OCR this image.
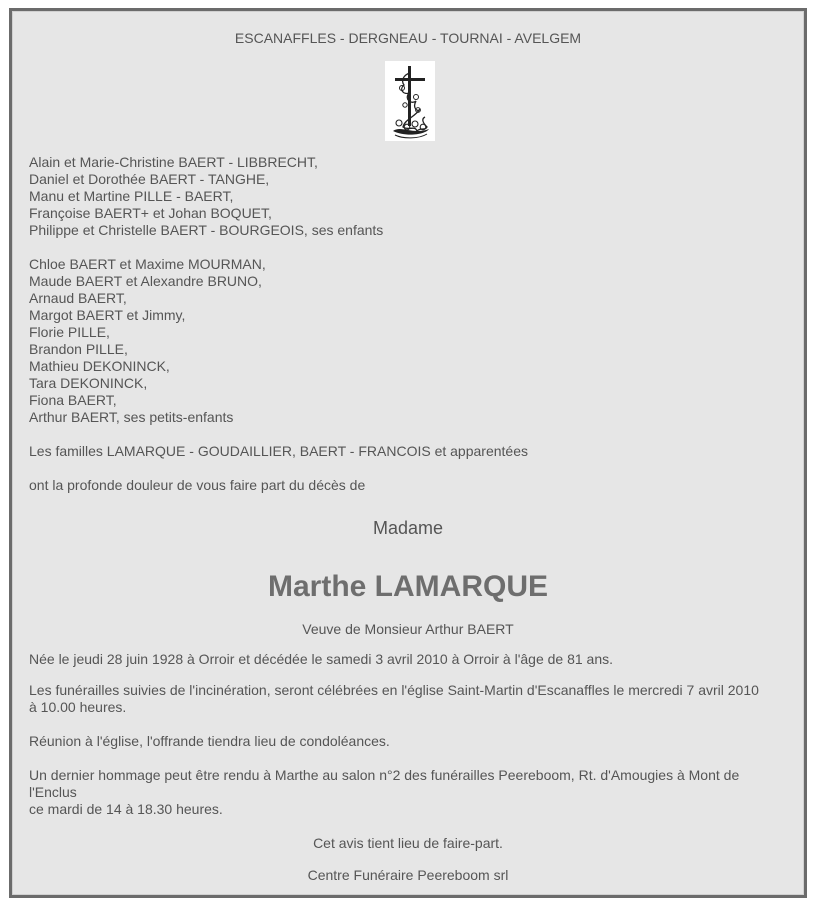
ESCANAFFLES - DERGNEAU - TOURNAI - AVELGEM
Alain et Marie-Christine BAERT - LIBBRECHT,
Daniel et Dorothée BAERT - TANGHE,
Manu et Martine PILLE - BAERT,
Françoise BAERT+ et Johan BOQUET,
Philippe et Christelle BAERT - BOURGEOIS, ses enfants
Chloe BAERT et Maxime MOURMAN,
Maude BAERT et Alexandre BRUNO,
Arnaud BAERT,
Margot BAERT et Jimmy,
Florie PILLE,
Brandon PILLE,
Mathieu DEKONINCK,
Tara DEKONINCK,
Fiona BAERT,
Arthur BAERT, ses petits-enfants
Les familles LAMARQUE - GOUDAILLIER, BAERT - FRANCOIS et apparentées
ont la profonde douleur de vous faire part du décès de
Madame
Marthe LAMARQUE
Veuve de Monsieur Arthur BAERT
Née le jeudi 28 juin 1928 à Orroir et décédée le samedi 3 avril 2010 à Orroir à l'âge de 81 ans.
Les funérailles suivies de l'incinération, seront célébrées en l'église Saint-Martin d'Escanaffles le mercredi 7 avril 2010
à 10.00 heures.
Réunion à l'église, l'offrande tiendra lieu de condoléances.
Un dernier hommage peut être rendu à Marthe au salon n°2 des funérailles Peereboom, Rt. d'Amougies à Mont de
l'Enclus
ce mardi de 14 à 18.30 heures.
Cet avis tient lieu de faire-part.
Centre Funéraire Peereboom srl
